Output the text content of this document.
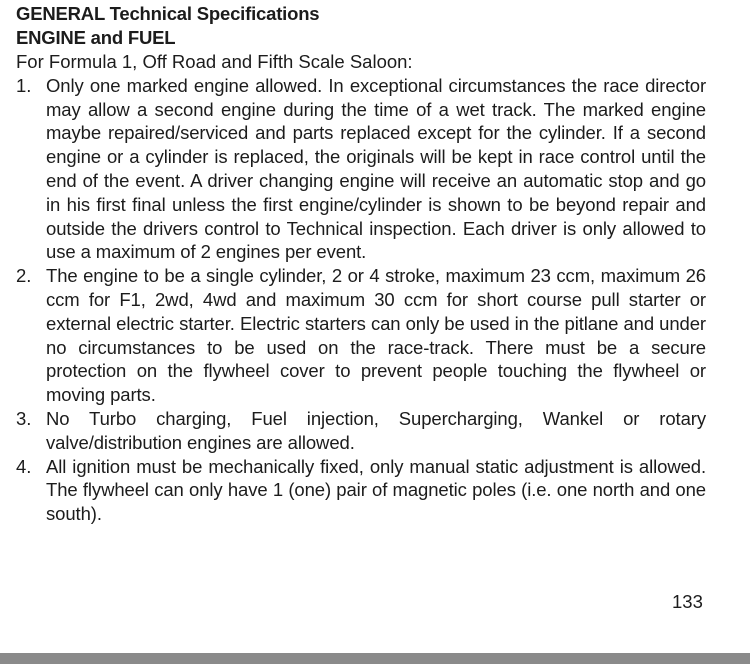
GENERAL Technical Specifications
ENGINE and FUEL

For Formula 1, Off Road and Fifth Scale Saloon:

1. Only one marked engine allowed. In exceptional circumstances the race director may allow a second engine during the time of a wet track. The marked engine maybe repaired/serviced and parts replaced except for the cylinder. If a second engine or a cylinder is replaced, the originals will be kept in race control until the end of the event. A driver changing engine will receive an automatic stop and go in his first final unless the first engine/cylinder is shown to be beyond repair and outside the drivers control to Technical inspection. Each driver is only allowed to use a maximum of 2 engines per event.
2. The engine to be a single cylinder, 2 or 4 stroke, maximum 23 ccm, maximum 26 ccm for F1, 2wd, 4wd and maximum 30 ccm for short course pull starter or external electric starter. Electric starters can only be used in the pitlane and under no circumstances to be used on the race-track. There must be a secure protection on the flywheel cover to prevent people touching the flywheel or moving parts.
3. No Turbo charging, Fuel injection, Supercharging, Wankel or rotary valve/distribution engines are allowed.
4. All ignition must be mechanically fixed, only manual static adjustment is allowed. The flywheel can only have 1 (one) pair of magnetic poles (i.e. one north and one south).
133
